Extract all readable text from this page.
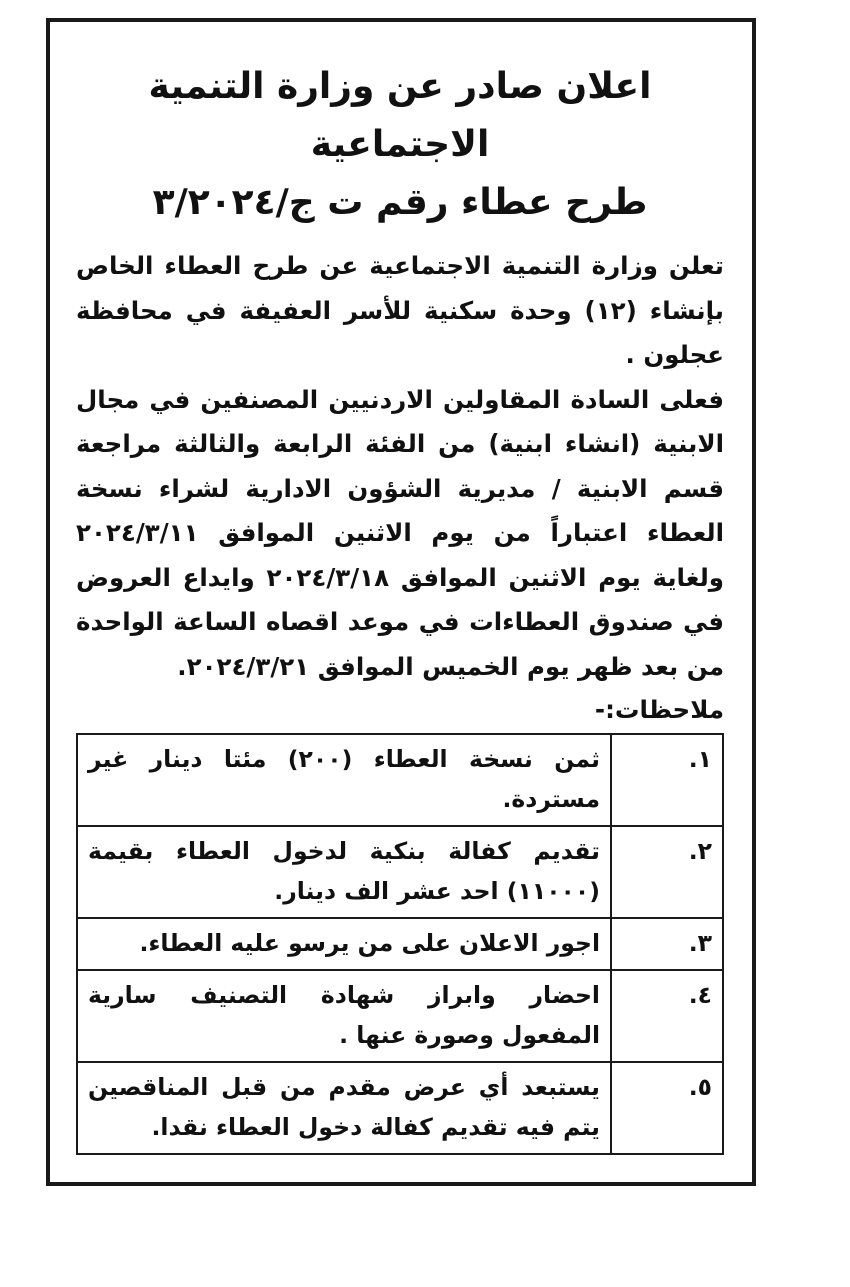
اعلان صادر عن وزارة التنمية الاجتماعية
طرح عطاء رقم ت ج/٣/٢٠٢٤

تعلن وزارة التنمية الاجتماعية عن طرح العطاء الخاص بإنشاء (١٢) وحدة سكنية للأسر العفيفة في محافظة عجلون .

فعلى السادة المقاولين الاردنيين المصنفين في مجال الابنية (انشاء ابنية) من الفئة الرابعة والثالثة مراجعة قسم الابنية / مديرية الشؤون الادارية لشراء نسخة العطاء اعتباراً من يوم الاثنين الموافق ٢٠٢٤/٣/١١ ولغاية يوم الاثنين الموافق ٢٠٢٤/٣/١٨ وايداع العروض في صندوق العطاءات في موعد اقصاه الساعة الواحدة من بعد ظهر يوم الخميس الموافق ٢٠٢٤/٣/٢١.

ملاحظات:-
١.	ثمن نسخة العطاء (٢٠٠) مئتا دينار غير مستردة.
٢.	تقديم كفالة بنكية لدخول العطاء بقيمة (١١٠٠٠) احد عشر الف دينار.
٣.	اجور الاعلان على من يرسو عليه العطاء.
٤.	احضار وابراز شهادة التصنيف سارية المفعول وصورة عنها .
٥.	يستبعد أي عرض مقدم من قبل المناقصين يتم فيه تقديم كفالة دخول العطاء نقدا.
